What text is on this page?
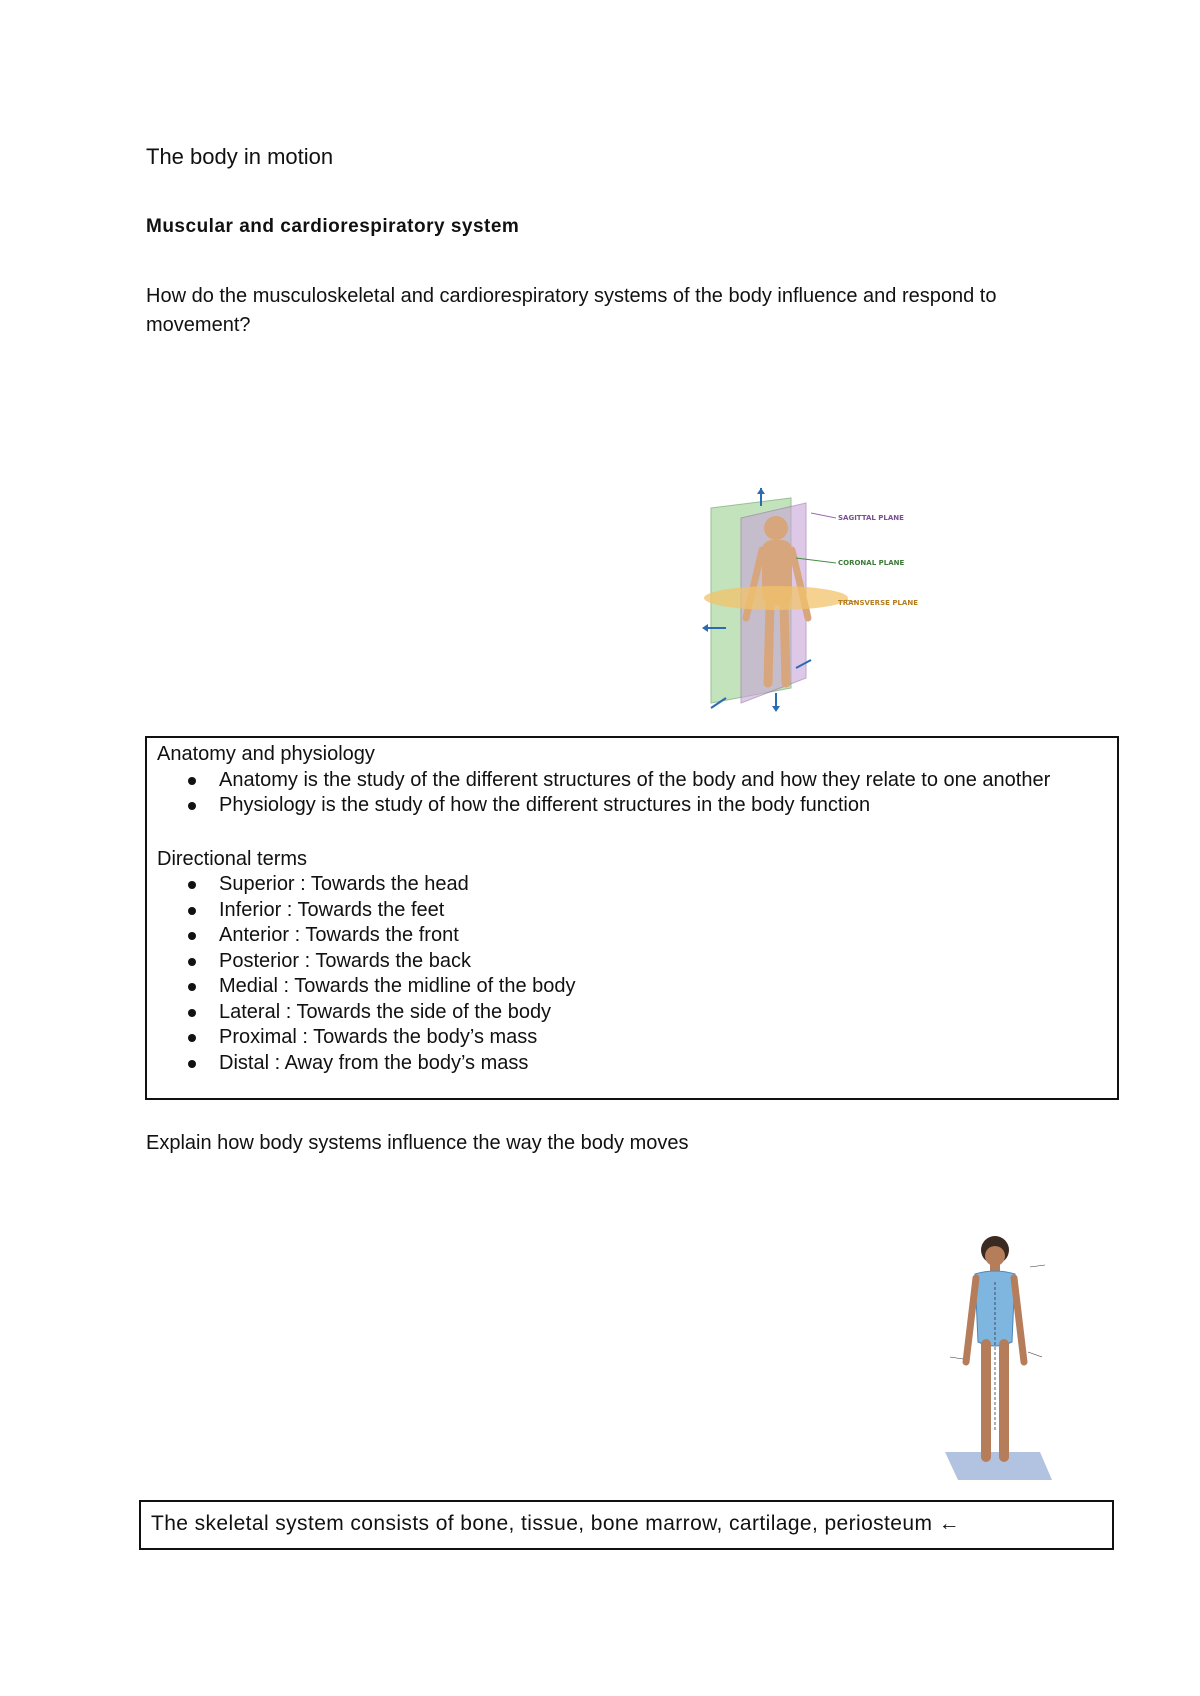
The body in motion
Muscular and cardiorespiratory system
How do the musculoskeletal and cardiorespiratory systems of the body influence and respond to movement?
SAGITTAL PLANE
CORONAL PLANE
TRANSVERSE PLANE
Anatomy and physiology
Anatomy is the study of the different structures of the body and how they relate to one another
Physiology is the study of how the different structures in the body function
Directional terms
Superior : Towards the head
Inferior : Towards the feet
Anterior : Towards the front
Posterior : Towards the back
Medial : Towards the midline of the body
Lateral : Towards the side of the body
Proximal : Towards the body’s mass
Distal : Away from the body’s mass
Explain how body systems influence the way the body moves
The skeletal system consists of bone, tissue, bone marrow, cartilage, periosteum ←
